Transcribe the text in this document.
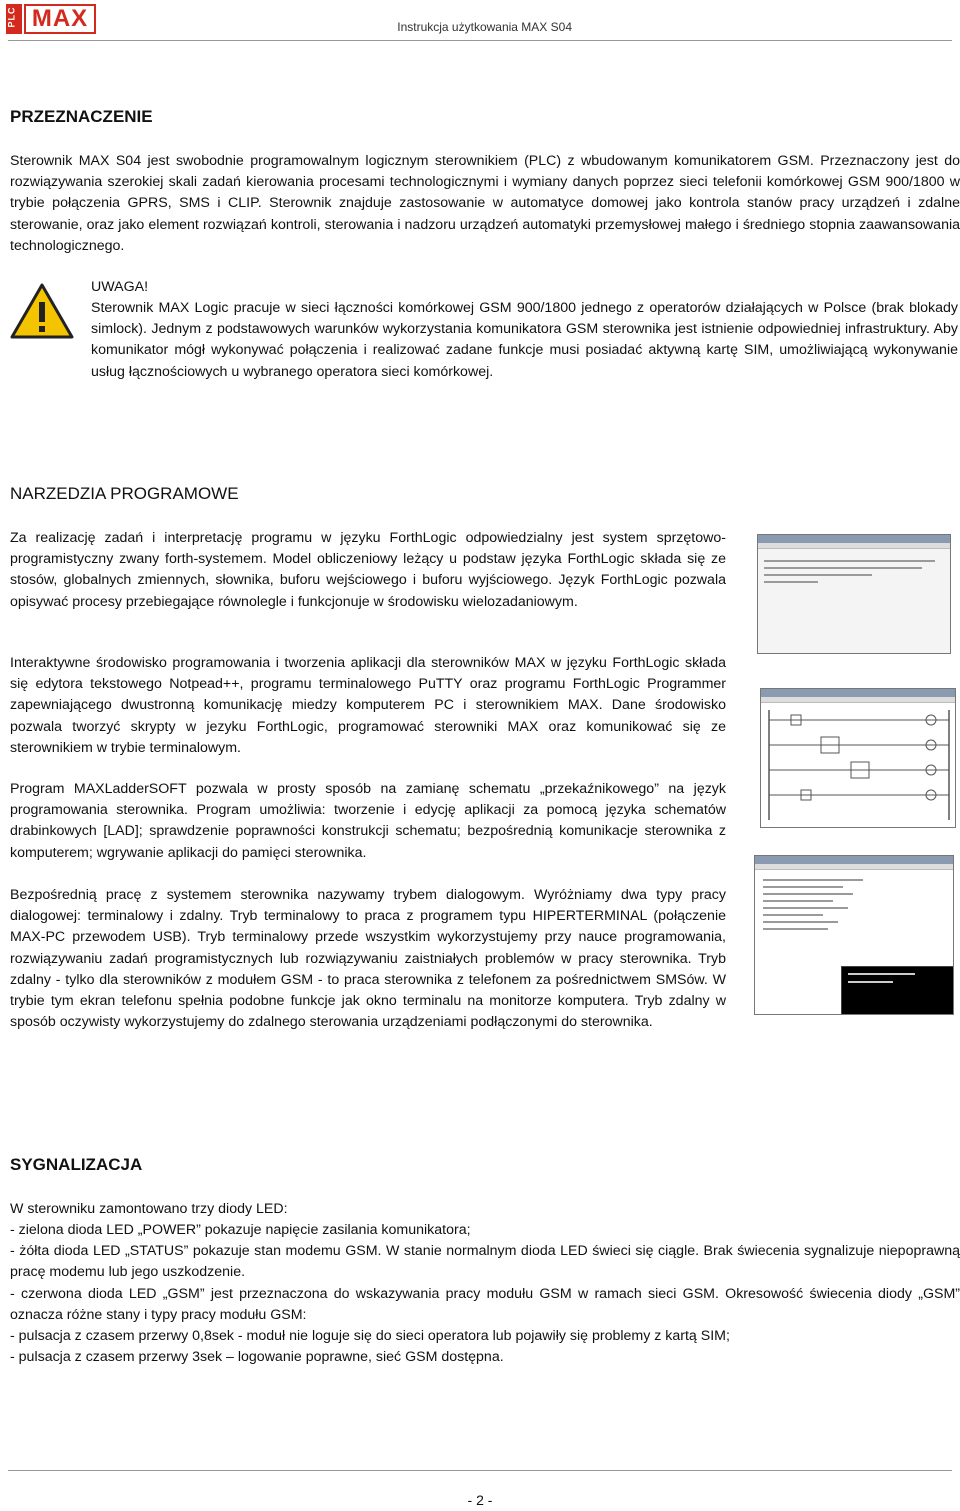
PLC MAX	Instrukcja użytkowania MAX S04
PRZEZNACZENIE

Sterownik MAX S04 jest swobodnie programowalnym logicznym sterownikiem (PLC) z wbudowanym komunikatorem GSM. Przeznaczony jest do rozwiązywania szerokiej skali zadań kierowania procesami technologicznymi i wymiany danych poprzez sieci telefonii komórkowej GSM 900/1800 w trybie połączenia GPRS, SMS i CLIP. Sterownik znajduje zastosowanie w automatyce domowej jako kontrola stanów pracy urządzeń i zdalne sterowanie, oraz jako element rozwiązań kontroli, sterowania i nadzoru urządzeń automatyki przemysłowej małego i średniego stopnia zaawansowania technologicznego.

UWAGA!

Sterownik MAX Logic pracuje w sieci łączności komórkowej GSM 900/1800 jednego z operatorów działających w Polsce (brak blokady simlock). Jednym z podstawowych warunków wykorzystania komunikatora GSM sterownika jest istnienie odpowiedniej infrastruktury. Aby komunikator mógł wykonywać połączenia i realizować zadane funkcje musi posiadać aktywną kartę SIM, umożliwiającą wykonywanie usług łącznościowych u wybranego operatora sieci komórkowej.

NARZEDZIA PROGRAMOWE

Za realizację zadań i interpretację programu w języku ForthLogic odpowiedzialny jest system sprzętowo-programistyczny zwany forth-systemem. Model obliczeniowy leżący u podstaw języka ForthLogic składa się ze stosów, globalnych zmiennych, słownika, buforu wejściowego i buforu wyjściowego. Język ForthLogic pozwala opisywać procesy przebiegające równolegle i funkcjonuje w środowisku wielozadaniowym.

Interaktywne środowisko programowania i tworzenia aplikacji dla sterowników MAX w języku ForthLogic składa się edytora tekstowego Notpead++, programu terminalowego PuTTY oraz programu ForthLogic Programmer zapewniającego dwustronną komunikację miedzy komputerem PC i sterownikiem MAX. Dane środowisko pozwala tworzyć skrypty w jezyku ForthLogic, programować sterowniki MAX oraz komunikować się ze sterownikiem w trybie terminalowym.

Program MAXLadderSOFT pozwala w prosty sposób na zamianę schematu „przekaźnikowego” na język programowania sterownika. Program umożliwia: tworzenie i edycję aplikacji za pomocą języka schematów drabinkowych [LAD]; sprawdzenie poprawności konstrukcji schematu; bezpośrednią komunikacje sterownika z komputerem; wgrywanie aplikacji do pamięci sterownika.

Bezpośrednią pracę z systemem sterownika nazywamy trybem dialogowym. Wyróżniamy dwa typy pracy dialogowej: terminalowy i zdalny. Tryb terminalowy to praca z programem typu HIPERTERMINAL (połączenie MAX-PC przewodem USB). Tryb terminalowy przede wszystkim wykorzystujemy przy nauce programowania, rozwiązywaniu zadań programistycznych lub rozwiązywaniu zaistniałych problemów w pracy sterownika. Tryb zdalny - tylko dla sterowników z modułem GSM - to praca sterownika z telefonem za pośrednictwem SMSów. W trybie tym ekran telefonu spełnia podobne funkcje jak okno terminalu na monitorze komputera. Tryb zdalny w sposób oczywisty wykorzystujemy do zdalnego sterowania urządzeniami podłączonymi do sterownika.

SYGNALIZACJA

W sterowniku zamontowano trzy diody LED:

- zielona dioda LED „POWER” pokazuje napięcie zasilania komunikatora;

- żółta dioda LED „STATUS” pokazuje stan modemu GSM. W stanie normalnym dioda LED świeci się ciągle. Brak świecenia sygnalizuje niepoprawną pracę modemu lub jego uszkodzenie.

- czerwona dioda LED „GSM” jest przeznaczona do wskazywania pracy modułu GSM w ramach sieci GSM. Okresowość świecenia diody „GSM” oznacza różne stany i typy pracy modułu GSM:

- pulsacja z czasem przerwy 0,8sek - moduł nie loguje się do sieci operatora lub pojawiły się problemy z kartą SIM;

- pulsacja z czasem przerwy 3sek – logowanie poprawne, sieć GSM dostępna.

- 2 -
